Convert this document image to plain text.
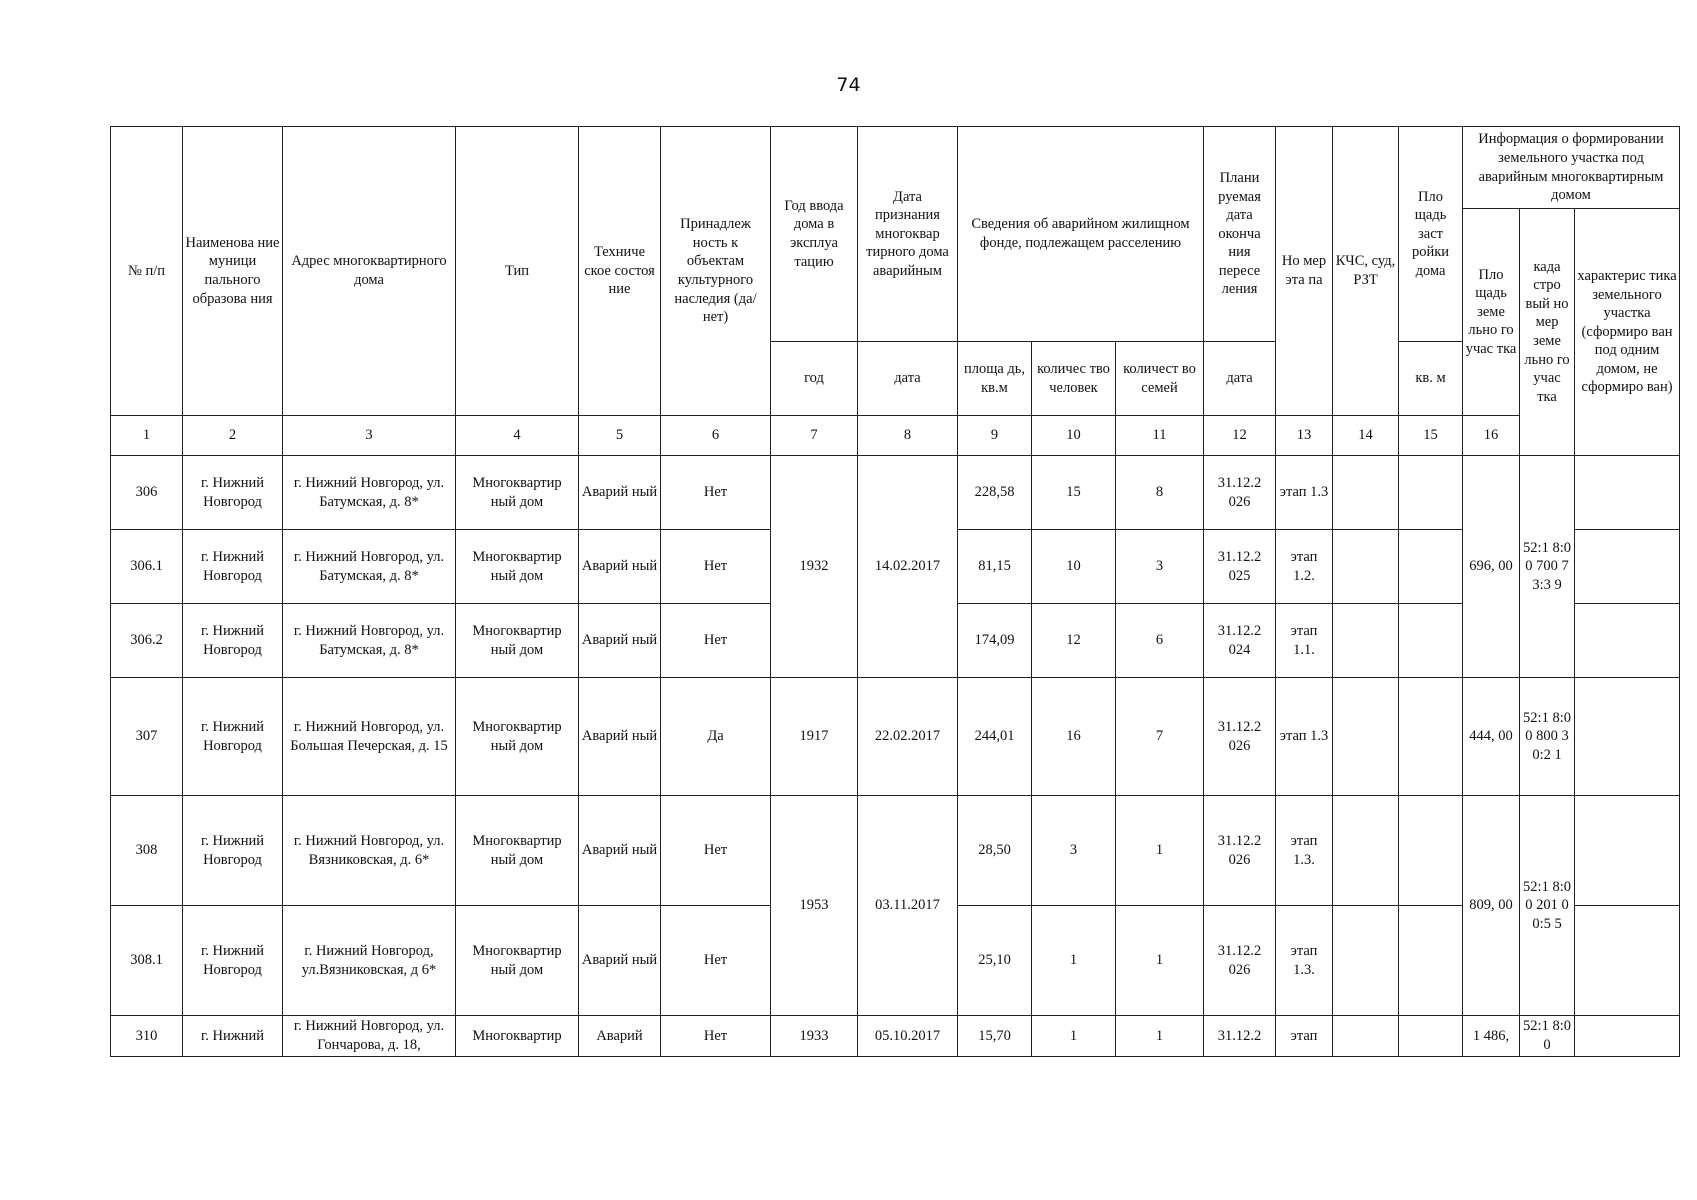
74
№ п/п	Наименова ние муници пального образова ния	Адрес многоквартирного дома	Тип	Техниче ское состоя ние	Принадлеж ность к объектам культурного наследия (да/нет)	Год ввода дома в эксплуа тацию	Дата признания многоквар тирного дома аварийным	Сведения об аварийном жилищном фонде, подлежащем расселению			Плани руемая дата оконча ния пересе ления	Но мер эта па	КЧС, суд, РЗТ	Пло щадь заст ройки дома	Информация о формировании земельного участка под аварийным многоквартирным домом			
															Пло щадь земе льно го учас тка	када стро вый но мер земе льно го учас тка	характерис тика земельного участка (сформиро ван под одним домом, не сформиро ван)	
						год	дата	площа дь, кв.м	количес тво человек	количест во семей	дата			кв. м				
1	2	3	4	5	6	7	8	9	10	11	12	13	14	15	16		
306	г. Нижний Новгород	г. Нижний Новгород, ул. Батумская, д. 8*	Многоквартир ный дом	Аварий ный	Нет	1932	14.02.2017	228,58	15	8	31.12.2 026	этап 1.3			696, 00	52:1 8:00 700 73:3 9		
306.1	г. Нижний Новгород	г. Нижний Новгород, ул. Батумская, д. 8*	Многоквартир ный дом	Аварий ный	Нет			81,15	10	3	31.12.2 025	этап 1.2.						
306.2	г. Нижний Новгород	г. Нижний Новгород, ул. Батумская, д. 8*	Многоквартир ный дом	Аварий ный	Нет			174,09	12	6	31.12.2 024	этап 1.1.						
307	г. Нижний Новгород	г. Нижний Новгород, ул. Большая Печерская, д. 15	Многоквартир ный дом	Аварий ный	Да	1917	22.02.2017	244,01	16	7	31.12.2 026	этап 1.3			444, 00	52:1 8:00 800 30:2 1		
308	г. Нижний Новгород	г. Нижний Новгород, ул. Вязниковская, д. 6*	Многоквартир ный дом	Аварий ный	Нет	1953	03.11.2017	28,50	3	1	31.12.2 026	этап 1.3.			809, 00	52:1 8:00 201 00:5 5		
308.1	г. Нижний Новгород	г. Нижний Новгород, ул.Вязниковская, д 6*	Многоквартир ный дом	Аварий ный	Нет			25,10	1	1	31.12.2 026	этап 1.3.						
310	г. Нижний	г. Нижний Новгород, ул. Гончарова, д. 18,	Многоквартир	Аварий	Нет	1933	05.10.2017	15,70	1	1	31.12.2	этап			1 486,	52:1 8:00		
